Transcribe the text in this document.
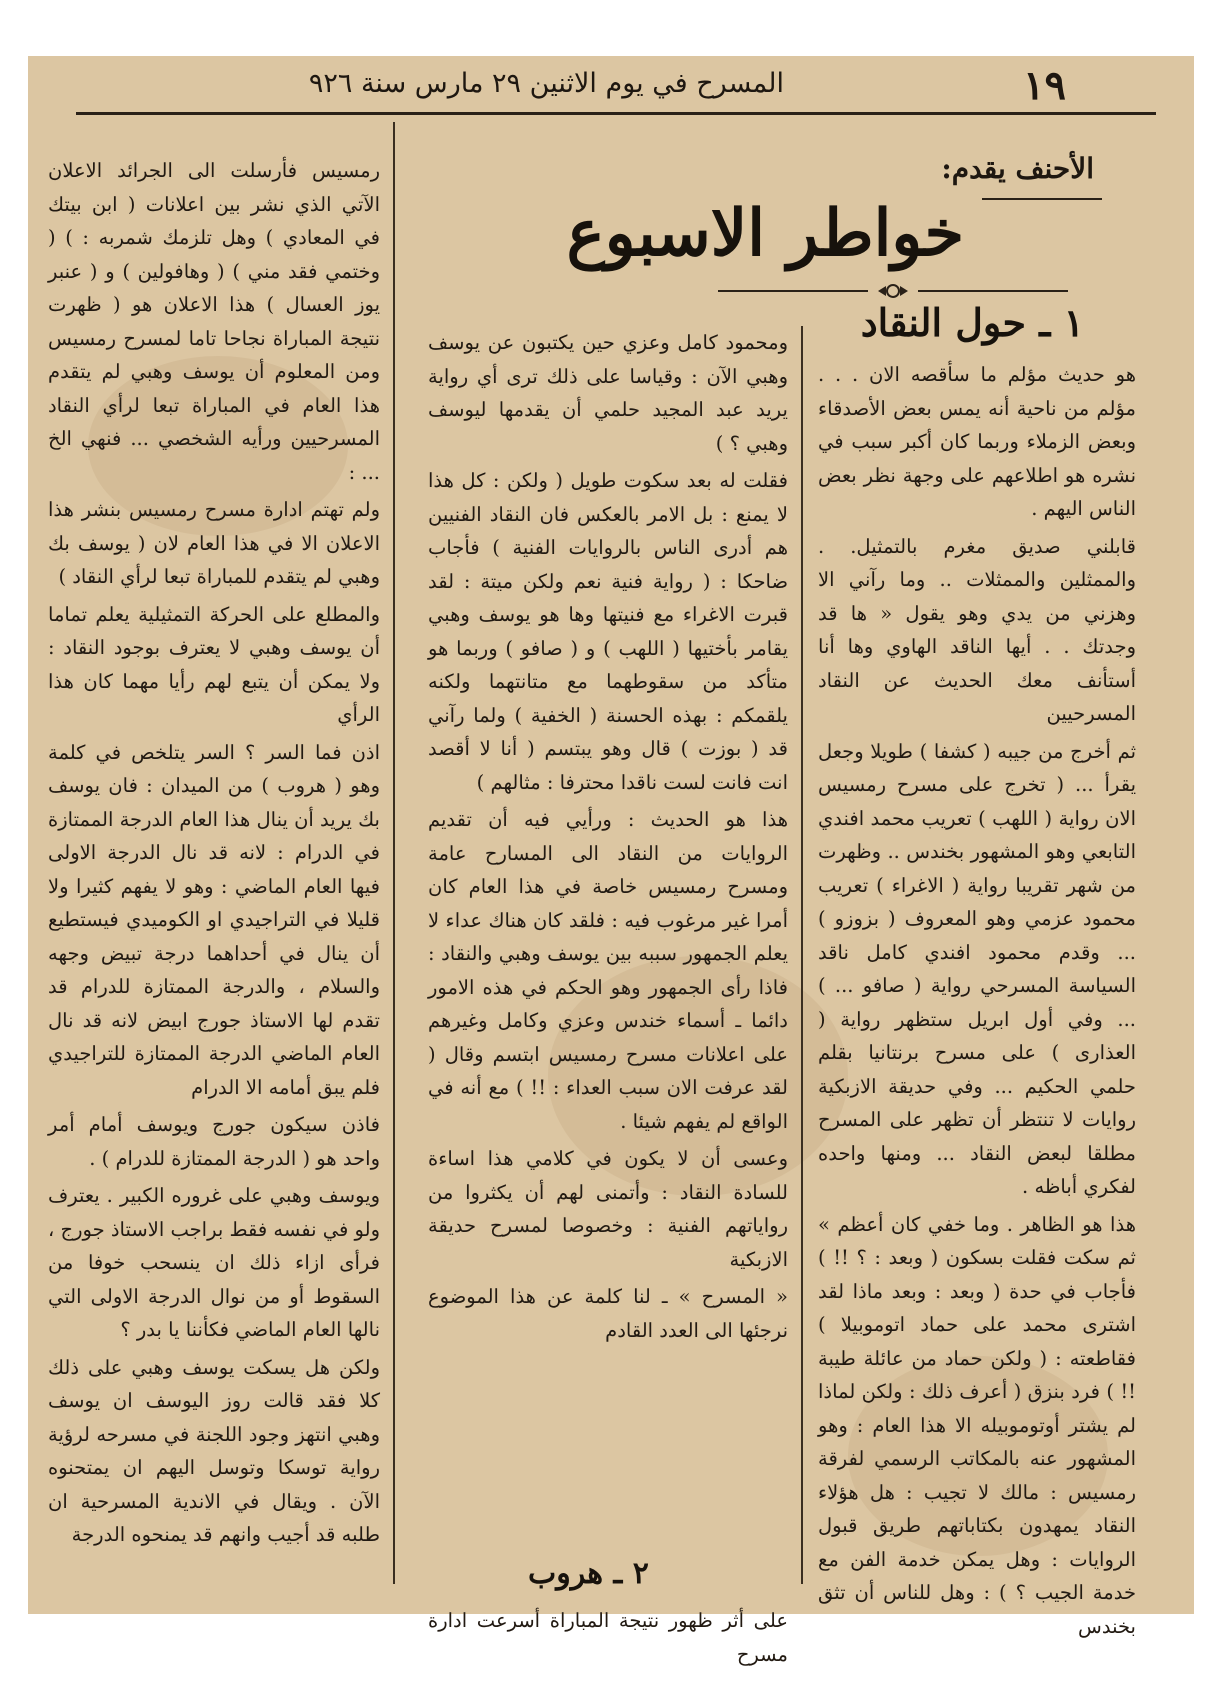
١٩
المسرح في يوم الاثنين ٢٩ مارس سنة ٩٢٦
الأحنف يقدم:
خواطر الاسبوع
١ ـ حول النقاد

هو حديث مؤلم ما سأقصه الان . . . مؤلم من ناحية أنه يمس بعض الأصدقاء وبعض الزملاء وربما كان أكبر سبب في نشره هو اطلاعهم على وجهة نظر بعض الناس اليهم .

قابلني صديق مغرم بالتمثيل. . والممثلين والممثلات .. وما رآني الا وهزني من يدي وهو يقول « ها قد وجدتك . . أيها الناقد الهاوي وها أنا أستأنف معك الحديث عن النقاد المسرحيين

ثم أخرج من جيبه ( كشفا ) طويلا وجعل يقرأ ... ( تخرج على مسرح رمسيس الان رواية ( اللهب ) تعريب محمد افندي التابعي وهو المشهور بخندس .. وظهرت من شهر تقريبا رواية ( الاغراء ) تعريب محمود عزمي وهو المعروف ( بزوزو ) ... وقدم محمود افندي كامل ناقد السياسة المسرحي رواية ( صافو ... ) ... وفي أول ابريل ستظهر رواية ( العذارى ) على مسرح برنتانيا بقلم حلمي الحكيم ... وفي حديقة الازبكية روايات لا تنتظر أن تظهر على المسرح مطلقا لبعض النقاد ... ومنها واحده لفكري أباظه .

هذا هو الظاهر . وما خفي كان أعظم » ثم سكت فقلت بسكون ( وبعد : ؟ !! ) فأجاب في حدة ( وبعد : وبعد ماذا لقد اشترى محمد على حماد اتوموبيلا ) فقاطعته : ( ولكن حماد من عائلة طيبة !! ) فرد بنزق ( أعرف ذلك : ولكن لماذا لم يشتر أوتوموبيله الا هذا العام : وهو المشهور عنه بالمكاتب الرسمي لفرقة رمسيس : مالك لا تجيب : هل هؤلاء النقاد يمهدون بكتاباتهم طريق قبول الروايات : وهل يمكن خدمة الفن مع خدمة الجيب ؟ ) : وهل للناس أن تثق بخندس

ومحمود كامل وعزي حين يكتبون عن يوسف وهبي الآن : وقياسا على ذلك ترى أي رواية يريد عبد المجيد حلمي أن يقدمها ليوسف وهبي ؟ )

فقلت له بعد سكوت طويل ( ولكن : كل هذا لا يمنع : بل الامر بالعكس فان النقاد الفنيين هم أدرى الناس بالروايات الفنية ) فأجاب ضاحكا : ( رواية فنية نعم ولكن ميتة : لقد قبرت الاغراء مع فنيتها وها هو يوسف وهبي يقامر بأختيها ( اللهب ) و ( صافو ) وربما هو متأكد من سقوطهما مع متانتهما ولكنه يلقمكم : بهذه الحسنة ( الخفية ) ولما رآني قد ( بوزت ) قال وهو يبتسم ( أنا لا أقصد انت فانت لست ناقدا محترفا : مثالهم )

هذا هو الحديث : ورأيي فيه أن تقديم الروايات من النقاد الى المسارح عامة ومسرح رمسيس خاصة في هذا العام كان أمرا غير مرغوب فيه : فلقد كان هناك عداء لا يعلم الجمهور سببه بين يوسف وهبي والنقاد : فاذا رأى الجمهور وهو الحكم في هذه الامور دائما ـ أسماء خندس وعزي وكامل وغيرهم على اعلانات مسرح رمسيس ابتسم وقال ( لقد عرفت الان سبب العداء : !! ) مع أنه في الواقع لم يفهم شيئا .

وعسى أن لا يكون في كلامي هذا اساءة للسادة النقاد : وأتمنى لهم أن يكثروا من رواياتهم الفنية : وخصوصا لمسرح حديقة الازبكية

« المسرح » ـ لنا كلمة عن هذا الموضوع نرجئها الى العدد القادم

٢ ـ هروب

على أثر ظهور نتيجة المباراة أسرعت ادارة مسرح

رمسيس فأرسلت الى الجرائد الاعلان الآتي الذي نشر بين اعلانات ( ابن بيتك في المعادي ) وهل تلزمك شمربه : ) ( وختمي فقد مني ) ( وهافولين ) و ( عنبر يوز العسال ) هذا الاعلان هو ( ظهرت نتيجة المباراة نجاحا تاما لمسرح رمسيس ومن المعلوم أن يوسف وهبي لم يتقدم هذا العام في المباراة تبعا لرأي النقاد المسرحيين ورأيه الشخصي ... فنهي الخ ... :

ولم تهتم ادارة مسرح رمسيس بنشر هذا الاعلان الا في هذا العام لان ( يوسف بك وهبي لم يتقدم للمباراة تبعا لرأي النقاد )

والمطلع على الحركة التمثيلية يعلم تماما أن يوسف وهبي لا يعترف بوجود النقاد : ولا يمكن أن يتبع لهم رأيا مهما كان هذا الرأي

اذن فما السر ؟ السر يتلخص في كلمة وهو ( هروب ) من الميدان : فان يوسف بك يريد أن ينال هذا العام الدرجة الممتازة في الدرام : لانه قد نال الدرجة الاولى فيها العام الماضي : وهو لا يفهم كثيرا ولا قليلا في التراجيدي او الكوميدي فيستطيع أن ينال في أحداهما درجة تبيض وجهه والسلام ، والدرجة الممتازة للدرام قد تقدم لها الاستاذ جورج ابيض لانه قد نال العام الماضي الدرجة الممتازة للتراجيدي فلم يبق أمامه الا الدرام

فاذن سيكون جورج ويوسف أمام أمر واحد هو ( الدرجة الممتازة للدرام ) .

ويوسف وهبي على غروره الكبير . يعترف ولو في نفسه فقط براجب الاستاذ جورج ، فرأى ازاء ذلك ان ينسحب خوفا من السقوط أو من نوال الدرجة الاولى التي نالها العام الماضي فكأننا يا بدر ؟

ولكن هل يسكت يوسف وهبي على ذلك كلا فقد قالت روز اليوسف ان يوسف وهبي انتهز وجود اللجنة في مسرحه لرؤية رواية توسكا وتوسل اليهم ان يمتحنوه الآن . ويقال في الاندية المسرحية ان طلبه قد أجيب وانهم قد يمنحوه الدرجة
